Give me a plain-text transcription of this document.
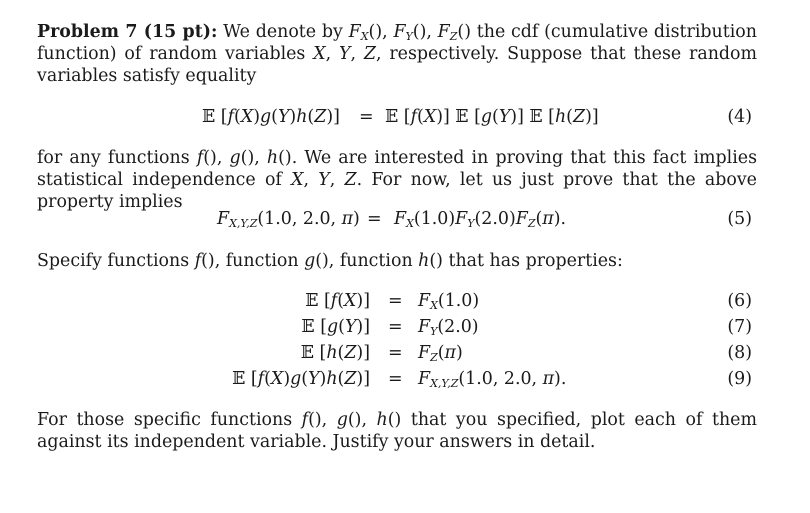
Problem 7 (15 pt): We denote by $F_X()$, $F_Y()$, $F_Z()$ the cdf (cumulative distribution function) of random variables X, Y, Z, respectively. Suppose that these random variables satisfy equality

𝔼 [f(X)g(Y)h(Z)] = 𝔼 [f(X)] 𝔼 [g(Y)] 𝔼 [h(Z)]	(4)

for any functions f(), g(), h(). We are interested in proving that this fact implies statistical independence of X, Y, Z. For now, let us just prove that the above property implies

$F_{X,Y,Z}(1.0$, 2.0, $\pi) = F_X(1.0)F_Y(2.0)F_Z(\pi)$.	(5)

Specify functions f(), function g(), function h() that has properties:

𝔼 $[f(X)] = F_X(1.0)$	(6)
𝔼 $[g(Y)] = F_Y(2.0)$	(7)
𝔼 $[h(Z)] = F_Z(\pi)$	(8)
𝔼 $[f(X)g(Y)h(Z)] = F_{X,Y,Z}(1.0$, 2.0, π).	(9)

For those specific functions f(), g(), h() that you specified, plot each of them against its independent variable. Justify your answers in detail.
